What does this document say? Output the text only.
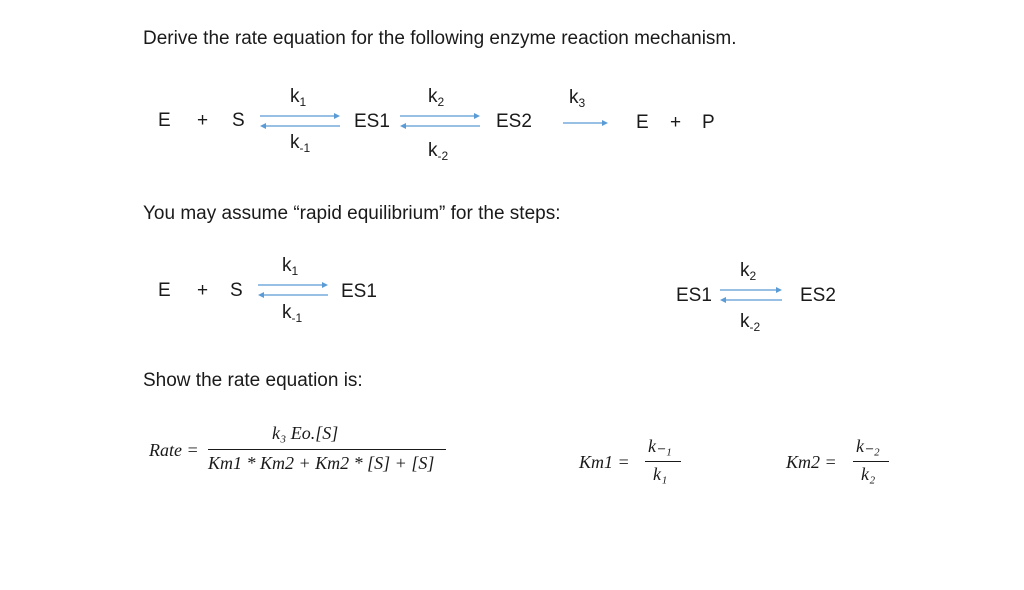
Derive the rate equation for the following enzyme reaction mechanism.
E + S
$k_1$
$k_{-1}$
ES1
$k_2$
$k_{-2}$
ES2
$k_3$
E + P
You may assume “rapid equilibrium” for the steps:
E + S
$k_1$
$k_{-1}$
ES1	ES1
$k_2$
$k_{-2}$
ES2
Show the rate equation is:
Rate =
k₃ Eo.[S]
Km1 * Km2 + Km2 * [S] + [S]	Km1 =
k₋₁
k₁
Km2 =
k₋₂
k₂
